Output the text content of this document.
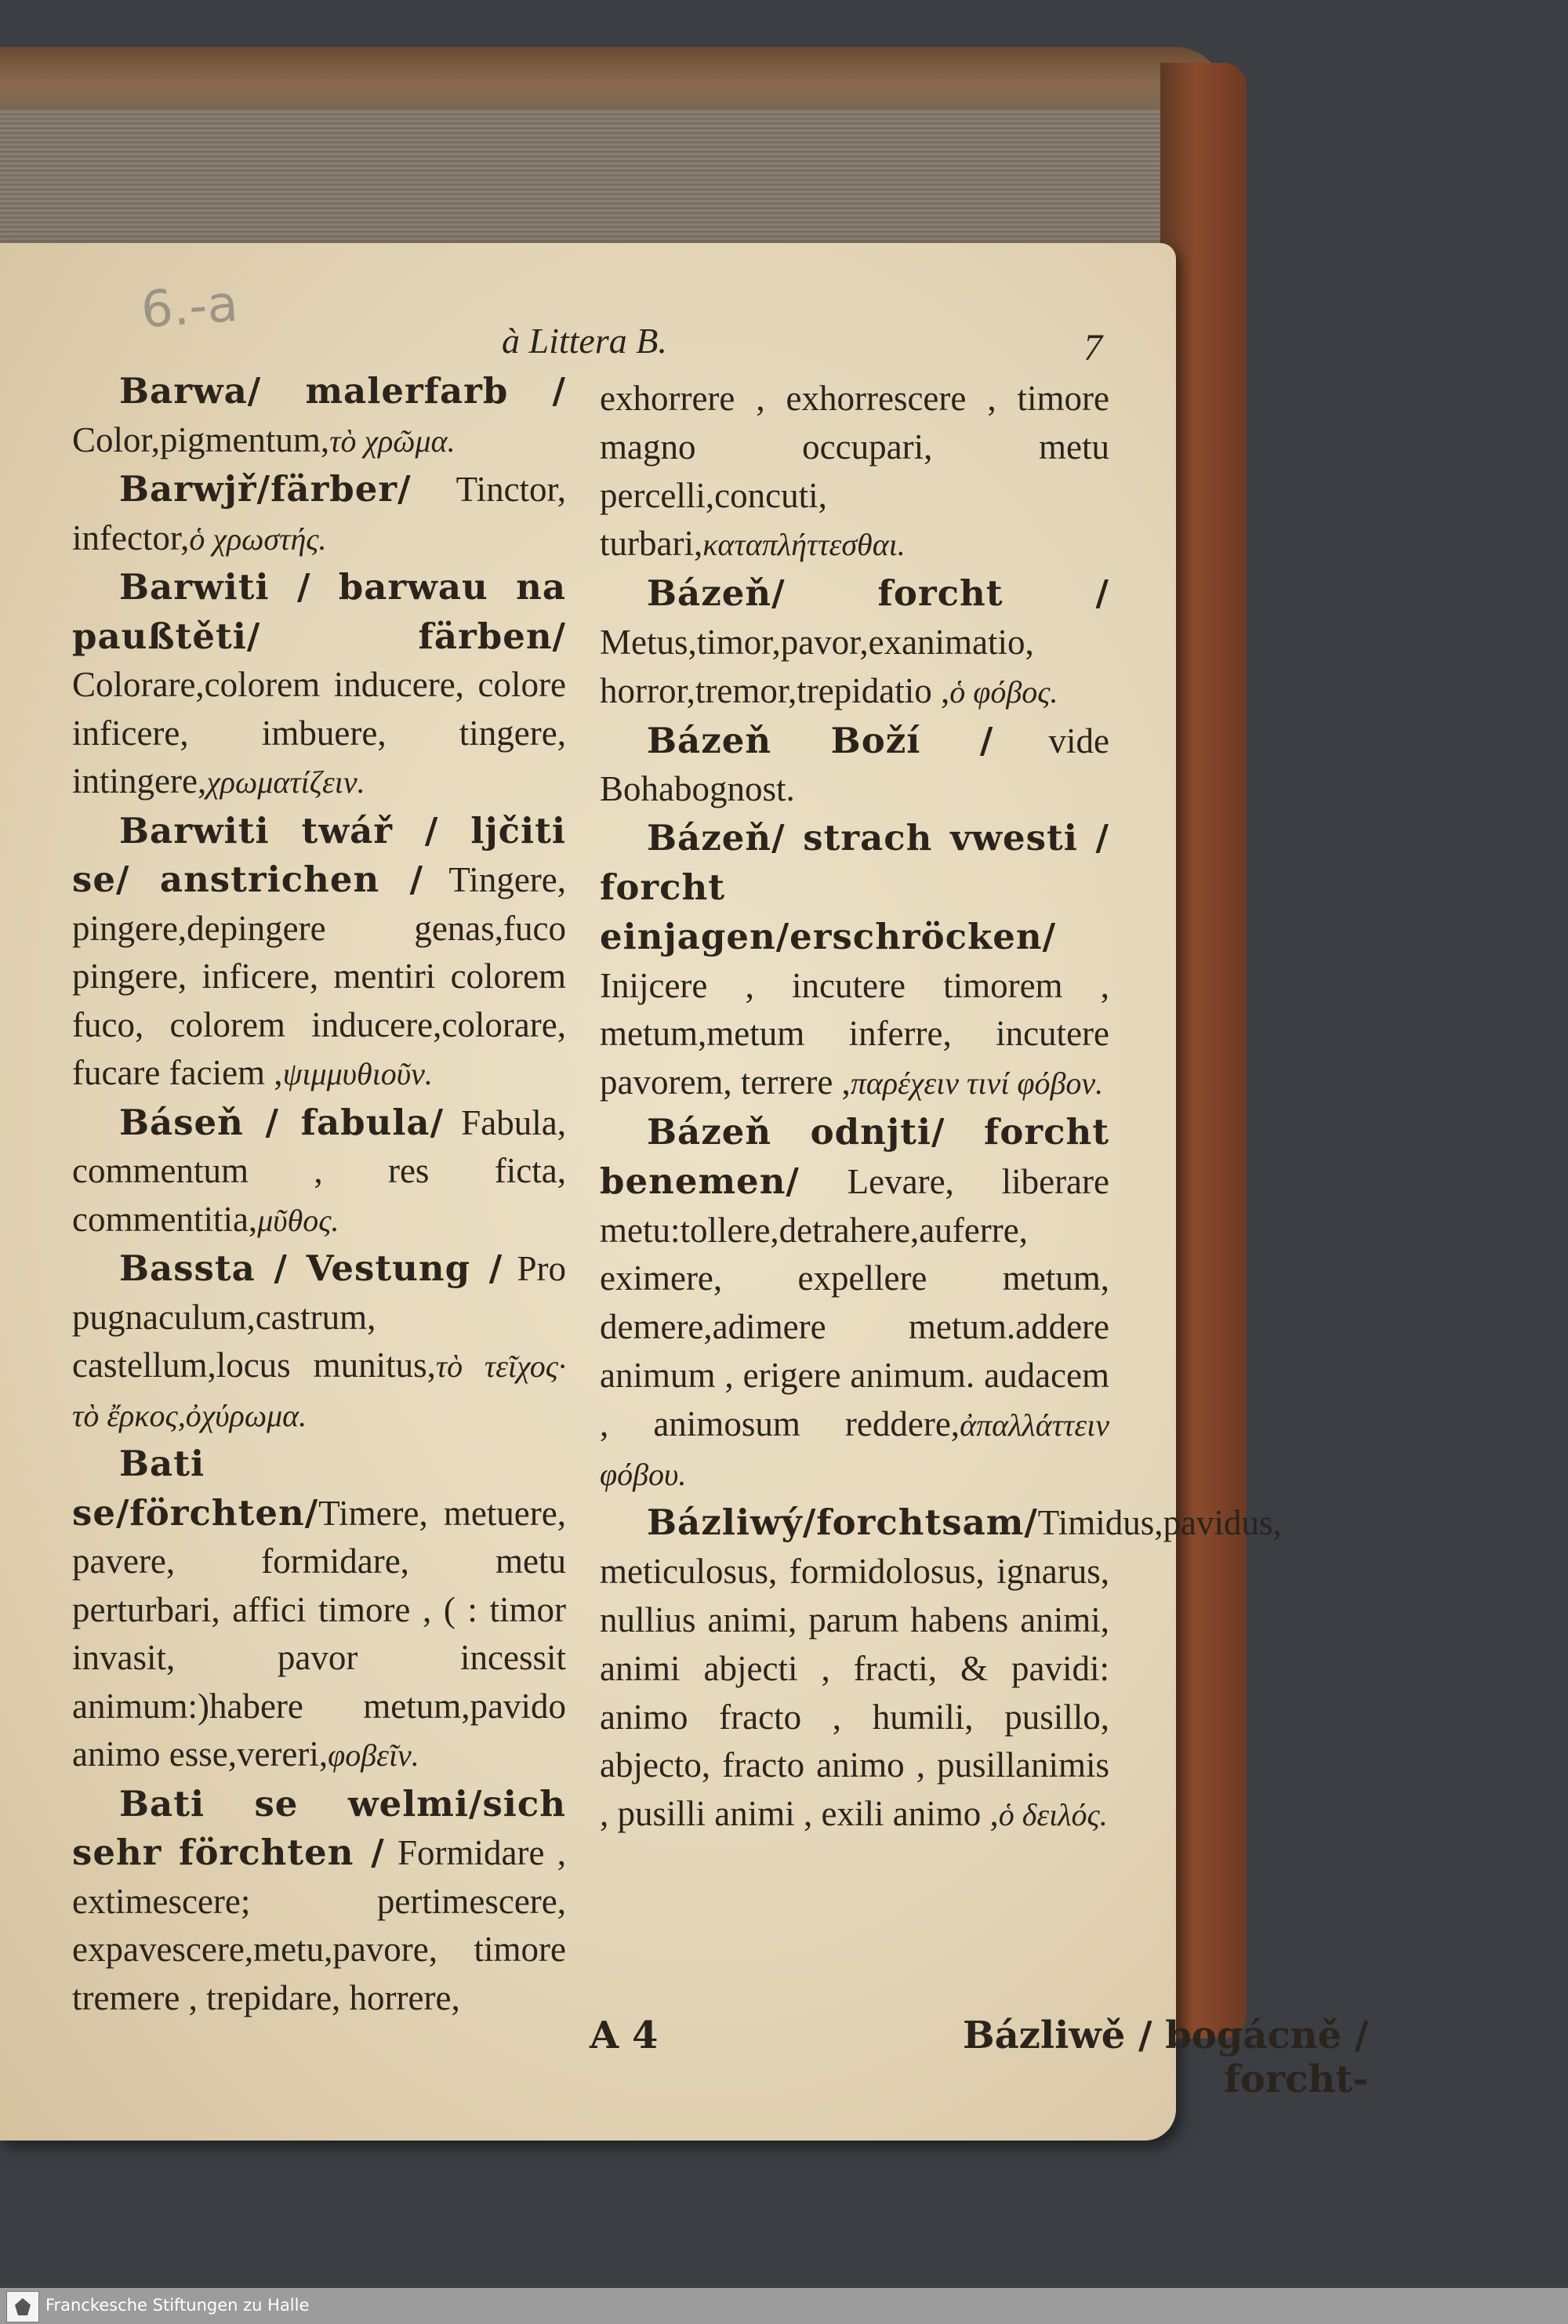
6.-a
à Littera B.	7

Barwa/ malerfarb / Color,pigmentum,τὸ χρῶμα.

Barwjř/färber/ Tinctor, infector,ὁ χρωστής.

Barwiti / barwau na paußtěti/ färben/ Colorare,colorem inducere, colore inficere, imbuere, tingere, intingere,χρωματίζειν.

Barwiti twář / ljčiti se/ anstrichen / Tingere, pingere,depingere genas,fuco pingere, inficere, mentiri colorem fuco, colorem inducere,colorare, fucare faciem ,ψιμμυθιοῦν.

Báseň / fabula/ Fabula, commentum , res ficta, commentitia,μῦθος.

Bassta / Vestung / Pro pugnaculum,castrum, castellum,locus munitus,τὸ τεῖχος· τὸ ἔρκος,ὀχύρωμα.

Bati se/förchten/Timere, metuere, pavere, formidare, metu perturbari, affici timore , ( : timor invasit, pavor incessit animum:)habere metum,pavido animo esse,vereri,φοβεῖν.

Bati se welmi/sich sehr förchten / Formidare , extimescere; pertimescere, expavescere,metu,pavore, timore tremere , trepidare, horrere,

exhorrere , exhorrescere , timore magno occupari, metu percelli,concuti, turbari,καταπλήττεσθαι.

Bázeň/ forcht / Metus,timor,pavor,exanimatio, horror,tremor,trepidatio ,ὁ φόβος.

Bázeň Boží / vide Bohabognost.

Bázeň/ strach vwesti / forcht einjagen/erschröcken/ Inijcere , incutere timorem , metum,metum inferre, incutere pavorem, terrere ,παρέχειν τινί φόβον.

Bázeň odnjti/ forcht benemen/ Levare, liberare metu:tollere,detrahere,auferre, eximere, expellere metum, demere,adimere metum.addere animum , erigere animum. audacem , animosum reddere,ἀπαλλάττειν φόβου.

Bázliwý/forchtsam/Timidus,pavidus, meticulosus, formidolosus, ignarus, nullius animi, parum habens animi, animi abjecti , fracti, & pavidi: animo fracto , humili, pusillo, abjecto, fracto animo , pusillanimis , pusilli animi , exili animo ,ὁ δειλός.

A 4	Bázliwě / bogácně /
forcht-
Franckesche Stiftungen zu Halle
